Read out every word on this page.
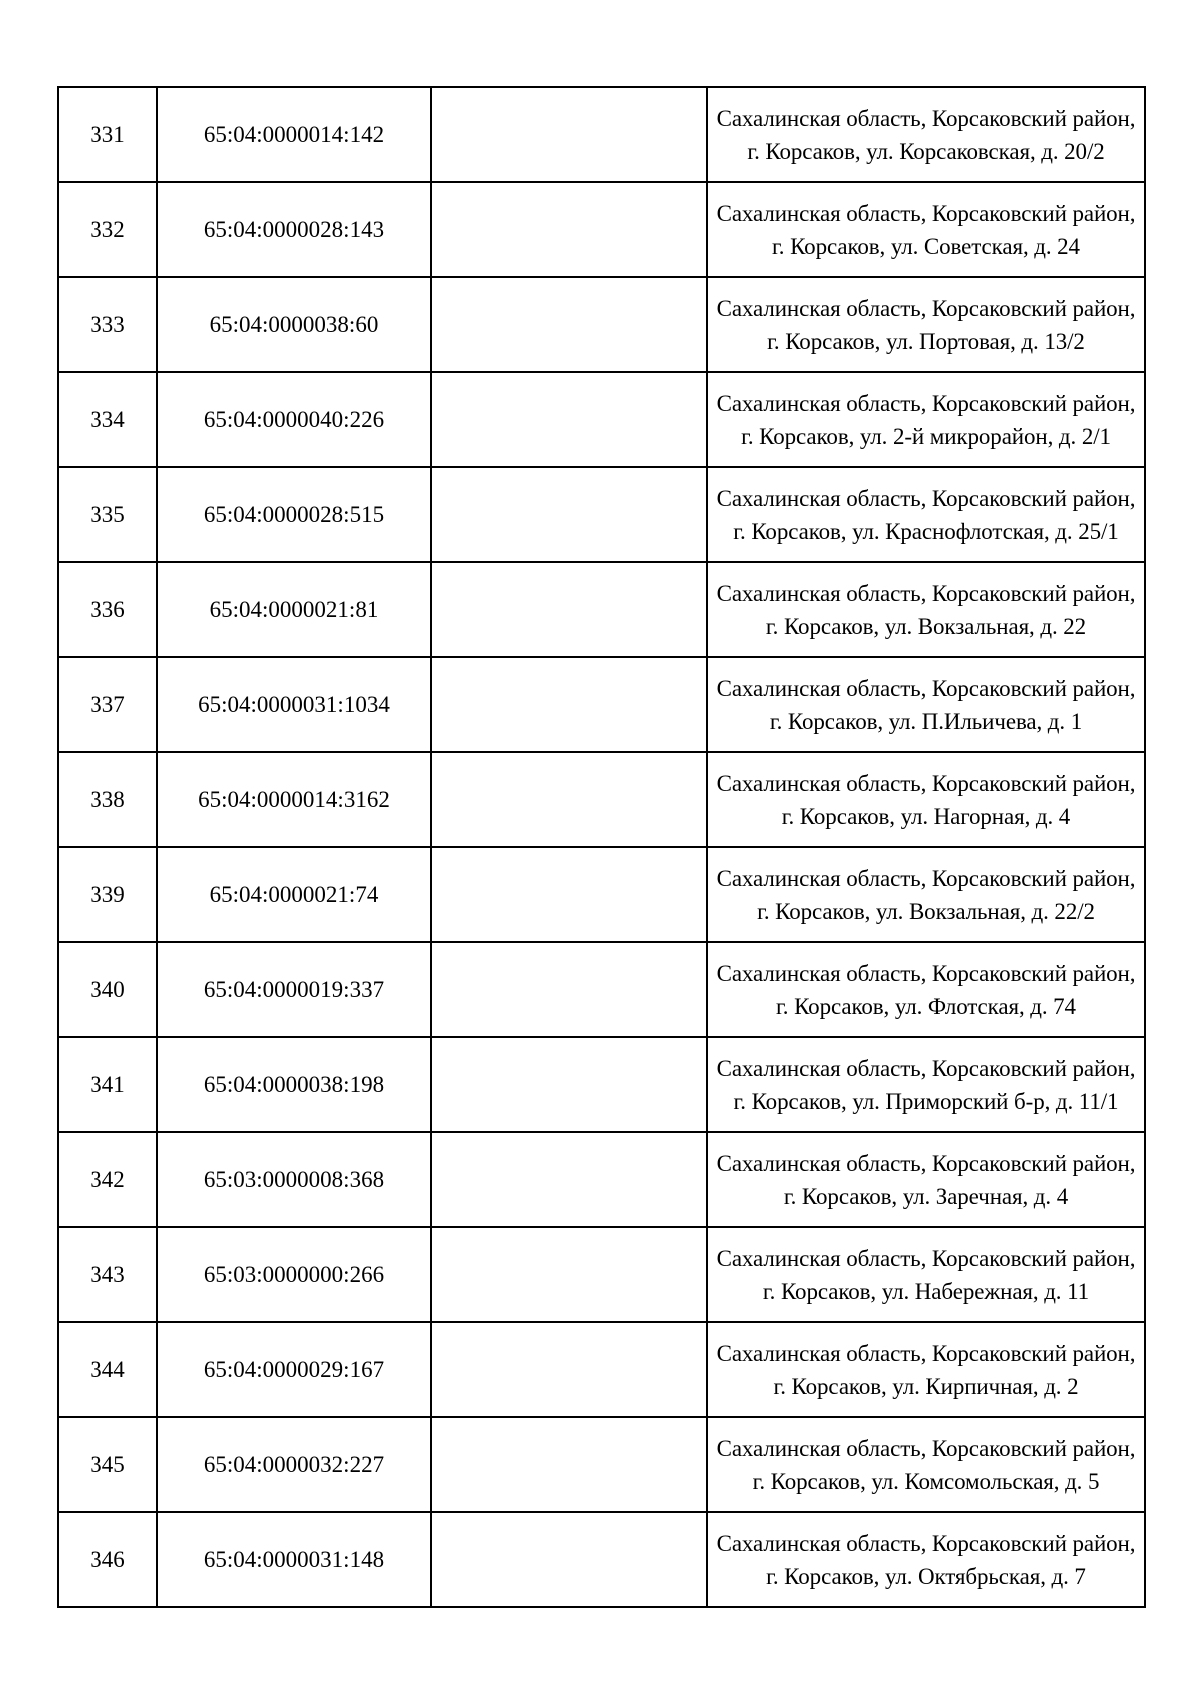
331	65:04:0000014:142		Сахалинская область, Корсаковский район, г. Корсаков, ул. Корсаковская, д. 20/2
332	65:04:0000028:143		Сахалинская область, Корсаковский район, г. Корсаков, ул. Советская, д. 24
333	65:04:0000038:60		Сахалинская область, Корсаковский район, г. Корсаков, ул. Портовая, д. 13/2
334	65:04:0000040:226		Сахалинская область, Корсаковский район, г. Корсаков, ул. 2-й микрорайон, д. 2/1
335	65:04:0000028:515		Сахалинская область, Корсаковский район, г. Корсаков, ул. Краснофлотская, д. 25/1
336	65:04:0000021:81		Сахалинская область, Корсаковский район, г. Корсаков, ул. Вокзальная, д. 22
337	65:04:0000031:1034		Сахалинская область, Корсаковский район, г. Корсаков, ул. П.Ильичева, д. 1
338	65:04:0000014:3162		Сахалинская область, Корсаковский район, г. Корсаков, ул. Нагорная, д. 4
339	65:04:0000021:74		Сахалинская область, Корсаковский район, г. Корсаков, ул. Вокзальная, д. 22/2
340	65:04:0000019:337		Сахалинская область, Корсаковский район, г. Корсаков, ул. Флотская, д. 74
341	65:04:0000038:198		Сахалинская область, Корсаковский район, г. Корсаков, ул. Приморский б-р, д. 11/1
342	65:03:0000008:368		Сахалинская область, Корсаковский район, г. Корсаков, ул. Заречная, д. 4
343	65:03:0000000:266		Сахалинская область, Корсаковский район, г. Корсаков, ул. Набережная, д. 11
344	65:04:0000029:167		Сахалинская область, Корсаковский район, г. Корсаков, ул. Кирпичная, д. 2
345	65:04:0000032:227		Сахалинская область, Корсаковский район, г. Корсаков, ул. Комсомольская, д. 5
346	65:04:0000031:148		Сахалинская область, Корсаковский район, г. Корсаков, ул. Октябрьская, д. 7
